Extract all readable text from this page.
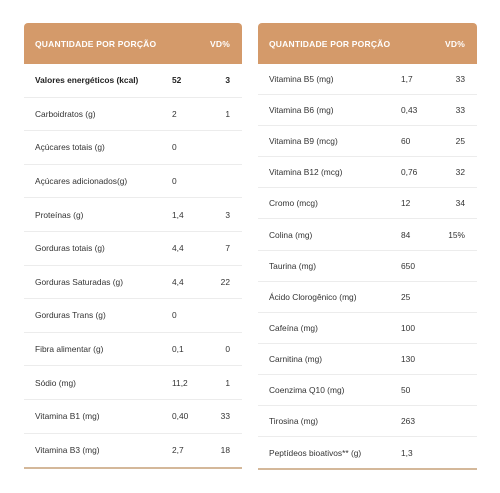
QUANTIDADE POR PORÇÃO	VD%
Valores energéticos (kcal)	52	3
Carboidratos (g)	2	1
Açúcares totais (g)	0
Açúcares adicionados(g)	0
Proteínas (g)	1,4	3
Gorduras totais (g)	4,4	7
Gorduras Saturadas (g)	4,4	22
Gorduras Trans (g)	0
Fibra alimentar (g)	0,1	0
Sódio (mg)	11,2	1
Vitamina B1 (mg)	0,40	33
Vitamina B3 (mg)	2,7	18
QUANTIDADE POR PORÇÃO	VD%
Vitamina B5 (mg)	1,7	33
Vitamina B6 (mg)	0,43	33
Vitamina B9 (mcg)	60	25
Vitamina B12 (mcg)	0,76	32
Cromo (mcg)	12	34
Colina (mg)	84	15%
Taurina (mg)	650
Ácido Clorogênico (mg)	25
Cafeína (mg)	100
Carnitina (mg)	130
Coenzima Q10 (mg)	50
Tirosina (mg)	263
Peptídeos bioativos** (g)	1,3
